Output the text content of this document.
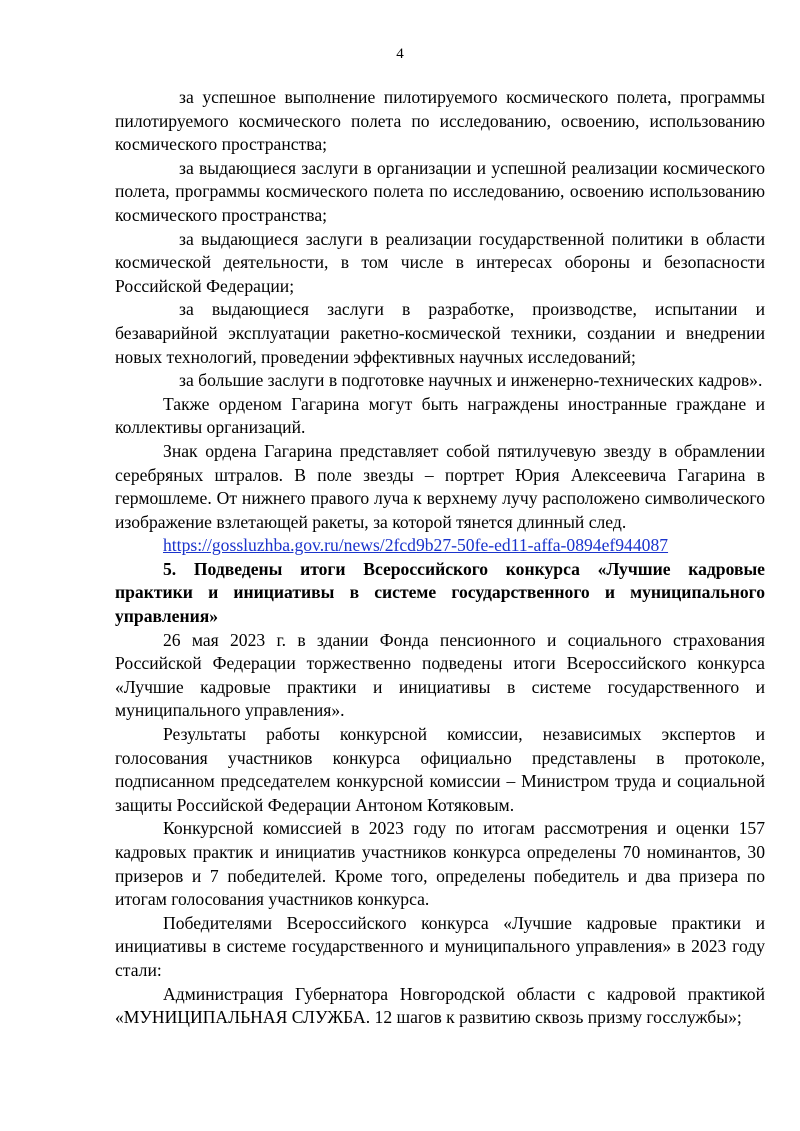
4

за успешное выполнение пилотируемого космического полета, программы пилотируемого космического полета по исследованию, освоению, использованию космического пространства;

за выдающиеся заслуги в организации и успешной реализации космического полета, программы космического полета по исследованию, освоению использованию космического пространства;

за выдающиеся заслуги в реализации государственной политики в области космической деятельности, в том числе в интересах обороны и безопасности Российской Федерации;

за выдающиеся заслуги в разработке, производстве, испытании и безаварийной эксплуатации ракетно-космической техники, создании и внедрении новых технологий, проведении эффективных научных исследований;

за большие заслуги в подготовке научных и инженерно-технических кадров».

Также орденом Гагарина могут быть награждены иностранные граждане и коллективы организаций.

Знак ордена Гагарина представляет собой пятилучевую звезду в обрамлении серебряных штралов. В поле звезды – портрет Юрия Алексеевича Гагарина в гермошлеме. От нижнего правого луча к верхнему лучу расположено символического изображение взлетающей ракеты, за которой тянется длинный след.

https://gossluzhba.gov.ru/news/2fcd9b27-50fe-ed11-affa-0894ef944087

5. Подведены итоги Всероссийского конкурса «Лучшие кадровые практики и инициативы в системе государственного и муниципального управления»

26 мая 2023 г. в здании Фонда пенсионного и социального страхования Российской Федерации торжественно подведены итоги Всероссийского конкурса «Лучшие кадровые практики и инициативы в системе государственного и муниципального управления».

Результаты работы конкурсной комиссии, независимых экспертов и голосования участников конкурса официально представлены в протоколе, подписанном председателем конкурсной комиссии – Министром труда и социальной защиты Российской Федерации Антоном Котяковым.

Конкурсной комиссией в 2023 году по итогам рассмотрения и оценки 157 кадровых практик и инициатив участников конкурса определены 70 номинантов, 30 призеров и 7 победителей. Кроме того, определены победитель и два призера по итогам голосования участников конкурса.

Победителями Всероссийского конкурса «Лучшие кадровые практики и инициативы в системе государственного и муниципального управления» в 2023 году стали:

Администрация Губернатора Новгородской области с кадровой практикой «МУНИЦИПАЛЬНАЯ СЛУЖБА. 12 шагов к развитию сквозь призму госслужбы»;
